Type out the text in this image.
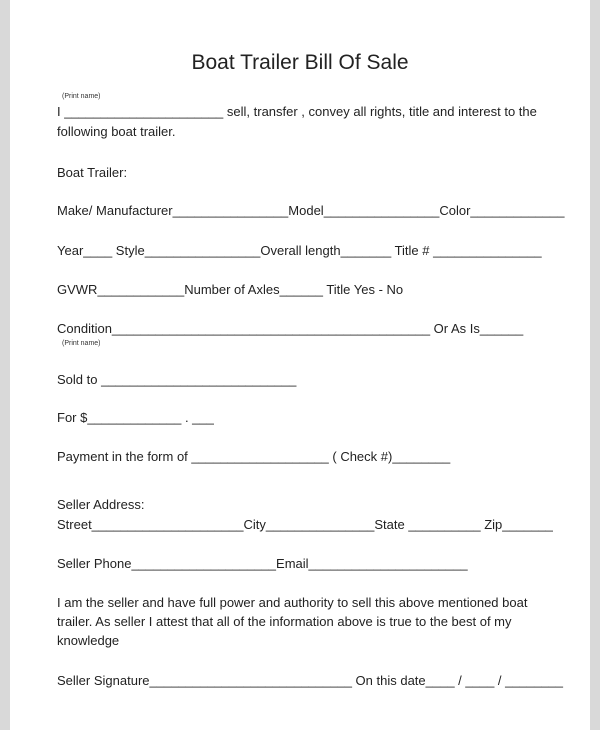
Boat Trailer Bill Of Sale
(Print name)
I ______________________ sell, transfer , convey all rights, title and interest to the
following boat trailer.
Boat Trailer:
Make/ Manufacturer________________Model________________Color_____________
Year____ Style________________Overall length_______ Title # _______________
GVWR____________Number of Axles______ Title Yes - No
Condition____________________________________________ Or As Is______
(Print name)
Sold to ___________________________
For $_____________ . ___
Payment in the form of ___________________ ( Check #)________
Seller Address:
Street_____________________City_______________State __________ Zip_______
Seller Phone____________________Email______________________
I am the seller and have full power and authority to sell this above mentioned boat
trailer. As seller I attest that all of the information above is true to the best of my
knowledge
Seller Signature____________________________ On this date____ / ____ / ________
